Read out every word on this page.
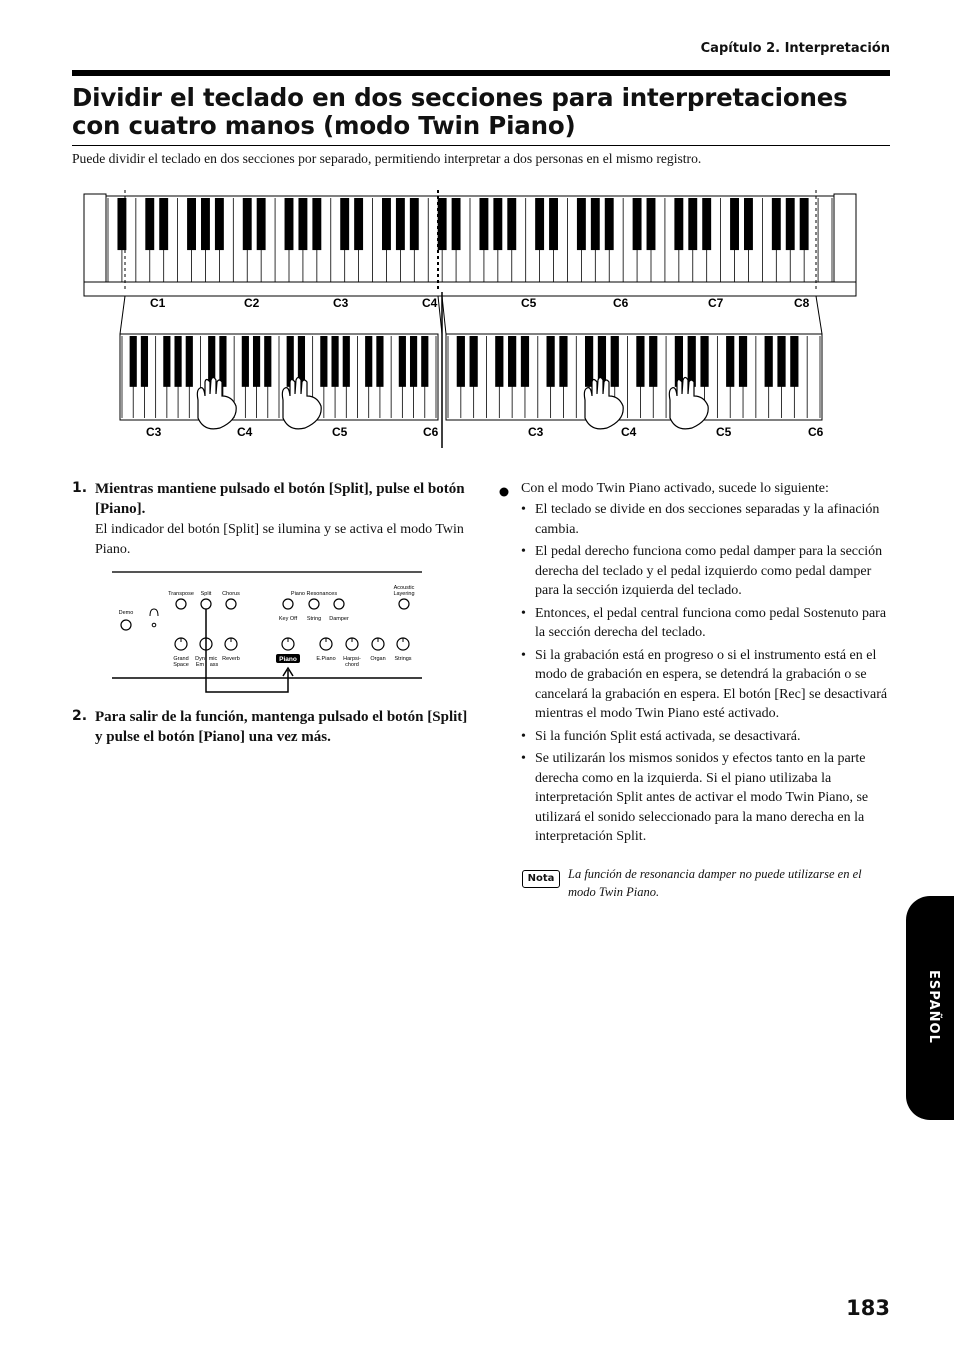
Capítulo 2. Interpretación
Dividir el teclado en dos secciones para interpretaciones con cuatro manos (modo Twin Piano)
Puede dividir el teclado en dos secciones por separado, permitiendo interpretar a dos personas en el mismo registro.
C1	C2	C3	C4	C5	C6	C7	C8
C3	C4	C5	C6	C3	C4	C5	C6
1. Mientras mantiene pulsado el botón [Split], pulse el botón [Piano].
El indicador del botón [Split] se ilumina y se activa el modo Twin Piano.
Demo
Transpose Split Chorus	Piano Resonances
Acoustic
Layering
Key Off String Damper
Grand
Space
Dyn
Em
mic
ass
Reverb	E.Piano Harpsi-
chord
Organ Strings
Piano
2. Para salir de la función, mantenga pulsado el botón [Split] y pulse el botón [Piano] una vez más.
Con el modo Twin Piano activado, sucede lo siguiente:
• El teclado se divide en dos secciones separadas y la afinación cambia.
• El pedal derecho funciona como pedal damper para la sección derecha del teclado y el pedal izquierdo como pedal damper para la sección izquierda del teclado.
• Entonces, el pedal central funciona como pedal Sostenuto para la sección derecha del teclado.
• Si la grabación está en progreso o si el instrumento está en el modo de grabación en espera, se detendrá la grabación o se cancelará la grabación en espera. El botón [Rec] se desactivará mientras el modo Twin Piano esté activado.
• Si la función Split está activada, se desactivará.
• Se utilizarán los mismos sonidos y efectos tanto en la parte derecha como en la izquierda. Si el piano utilizaba la interpretación Split antes de activar el modo Twin Piano, se utilizará el sonido seleccionado para la mano derecha en la interpretación Split.
Nota	La función de resonancia damper no puede utilizarse en el modo Twin Piano.
ESPAÑOL
183
